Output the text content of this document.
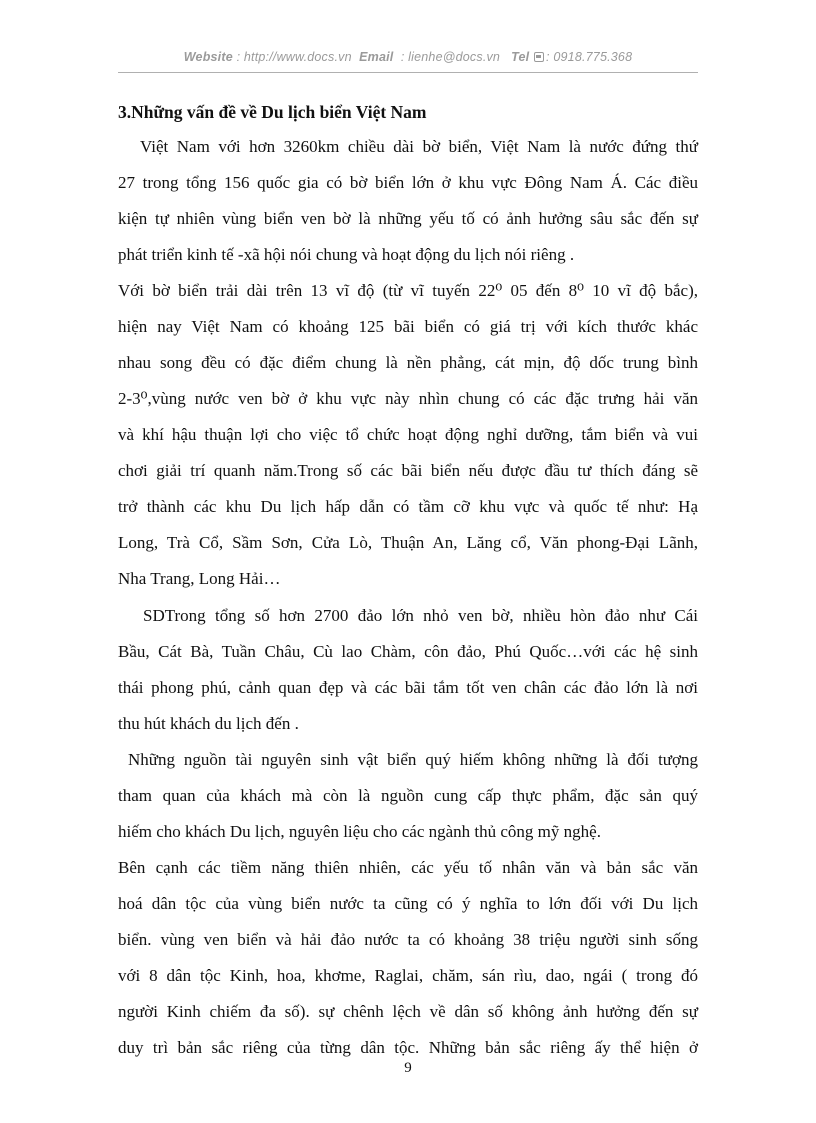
Website : http://www.docs.vn Email : lienhe@docs.vn Tel : 0918.775.368
3.Những vấn đề về Du lịch biển Việt Nam
Việt Nam với hơn 3260km chiều dài bờ biển, Việt Nam là nước đứng thứ
27 trong tổng 156 quốc gia có bờ biển lớn ở khu vực Đông Nam Á. Các điều
kiện tự nhiên vùng biển ven bờ là những yếu tố có ảnh hưởng sâu sắc đến sự
phát triển kinh tế -xã hội nói chung và hoạt động du lịch nói riêng .
Với bờ biển trải dài trên 13 vĩ độ (từ vĩ tuyến 22⁰ 05 đến 8⁰ 10 vĩ độ bắc),
hiện nay Việt Nam có khoảng 125 bãi biển có giá trị với kích thước khác
nhau song đều có đặc điểm chung là nền phẳng, cát mịn, độ dốc trung bình
2-3⁰,vùng nước ven bờ ở khu vực này nhìn chung có các đặc trưng hải văn
và khí hậu thuận lợi cho việc tổ chức hoạt động nghỉ dưỡng, tắm biển và vui
chơi giải trí quanh năm.Trong số các bãi biển nếu được đầu tư thích đáng sẽ
trở thành các khu Du lịch hấp dẫn có tầm cỡ khu vực và quốc tế như: Hạ
Long, Trà Cổ, Sầm Sơn, Cửa Lò, Thuận An, Lăng cổ, Văn phong-Đại Lãnh,
Nha Trang, Long Hải…
SDTrong tổng số hơn 2700 đảo lớn nhỏ ven bờ, nhiều hòn đảo như Cái
Bầu, Cát Bà, Tuần Châu, Cù lao Chàm, côn đảo, Phú Quốc…với các hệ sinh
thái phong phú, cảnh quan đẹp và các bãi tắm tốt ven chân các đảo lớn là nơi
thu hút khách du lịch đến .
Những nguồn tài nguyên sinh vật biển quý hiếm không những là đối tượng
tham quan của khách mà còn là nguồn cung cấp thực phẩm, đặc sản quý
hiếm cho khách Du lịch, nguyên liệu cho các ngành thủ công mỹ nghệ.
Bên cạnh các tiềm năng thiên nhiên, các yếu tố nhân văn và bản sắc văn
hoá dân tộc của vùng biển nước ta cũng có ý nghĩa to lớn đối với Du lịch
biển. vùng ven biển và hải đảo nước ta có khoảng 38 triệu người sinh sống
với 8 dân tộc Kinh, hoa, khơme, Raglai, chăm, sán rìu, dao, ngái ( trong đó
người Kinh chiếm đa số). sự chênh lệch về dân số không ảnh hưởng đến sự
duy trì bản sắc riêng của từng dân tộc. Những bản sắc riêng ấy thể hiện ở
9
